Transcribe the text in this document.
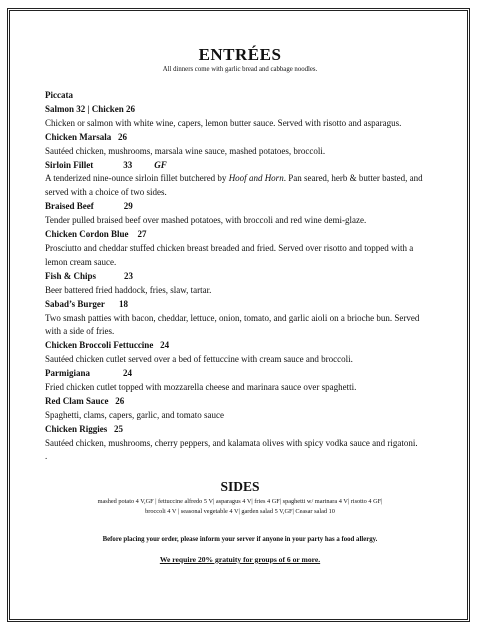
ENTRÉES
All dinners come with garlic bread and cabbage noodles.
Piccata
Salmon 32 | Chicken 26
Chicken or salmon with white wine, capers, lemon butter sauce. Served with risotto and asparagus.
Chicken Marsala 26
Sautéed chicken, mushrooms, marsala wine sauce, mashed potatoes, broccoli.
Sirloin Fillet	33 GF
A tenderized nine-ounce sirloin fillet butchered by Hoof and Horn. Pan seared, herb & butter basted, and served with a choice of two sides.
Braised Beef	29
Tender pulled braised beef over mashed potatoes, with broccoli and red wine demi-glaze.
Chicken Cordon Blue 27
Prosciutto and cheddar stuffed chicken breast breaded and fried. Served over risotto and topped with a lemon cream sauce.
Fish & Chips	23
Beer battered fried haddock, fries, slaw, tartar.
Sabad’s Burger 18
Two smash patties with bacon, cheddar, lettuce, onion, tomato, and garlic aioli on a brioche bun. Served with a side of fries.
Chicken Broccoli Fettuccine 24
Sautéed chicken cutlet served over a bed of fettuccine with cream sauce and broccoli.
Parmigiana	24
Fried chicken cutlet topped with mozzarella cheese and marinara sauce over spaghetti.
Red Clam Sauce 26
Spaghetti, clams, capers, garlic, and tomato sauce
Chicken Riggies 25
Sautéed chicken, mushrooms, cherry peppers, and kalamata olives with spicy vodka sauce and rigatoni.
.
SIDES
mashed potato 4 V,GF | fettuccine alfredo 5 V| asparagus 4 V| fries 4 GF| spaghetti w/ marinara 4 V| risotto 4 GF|
broccoli 4 V | seasonal vegetable 4 V| garden salad 5 V,GF| Ceasar salad 10
Before placing your order, please inform your server if anyone in your party has a food allergy.
We require 20% gratuity for groups of 6 or more.
